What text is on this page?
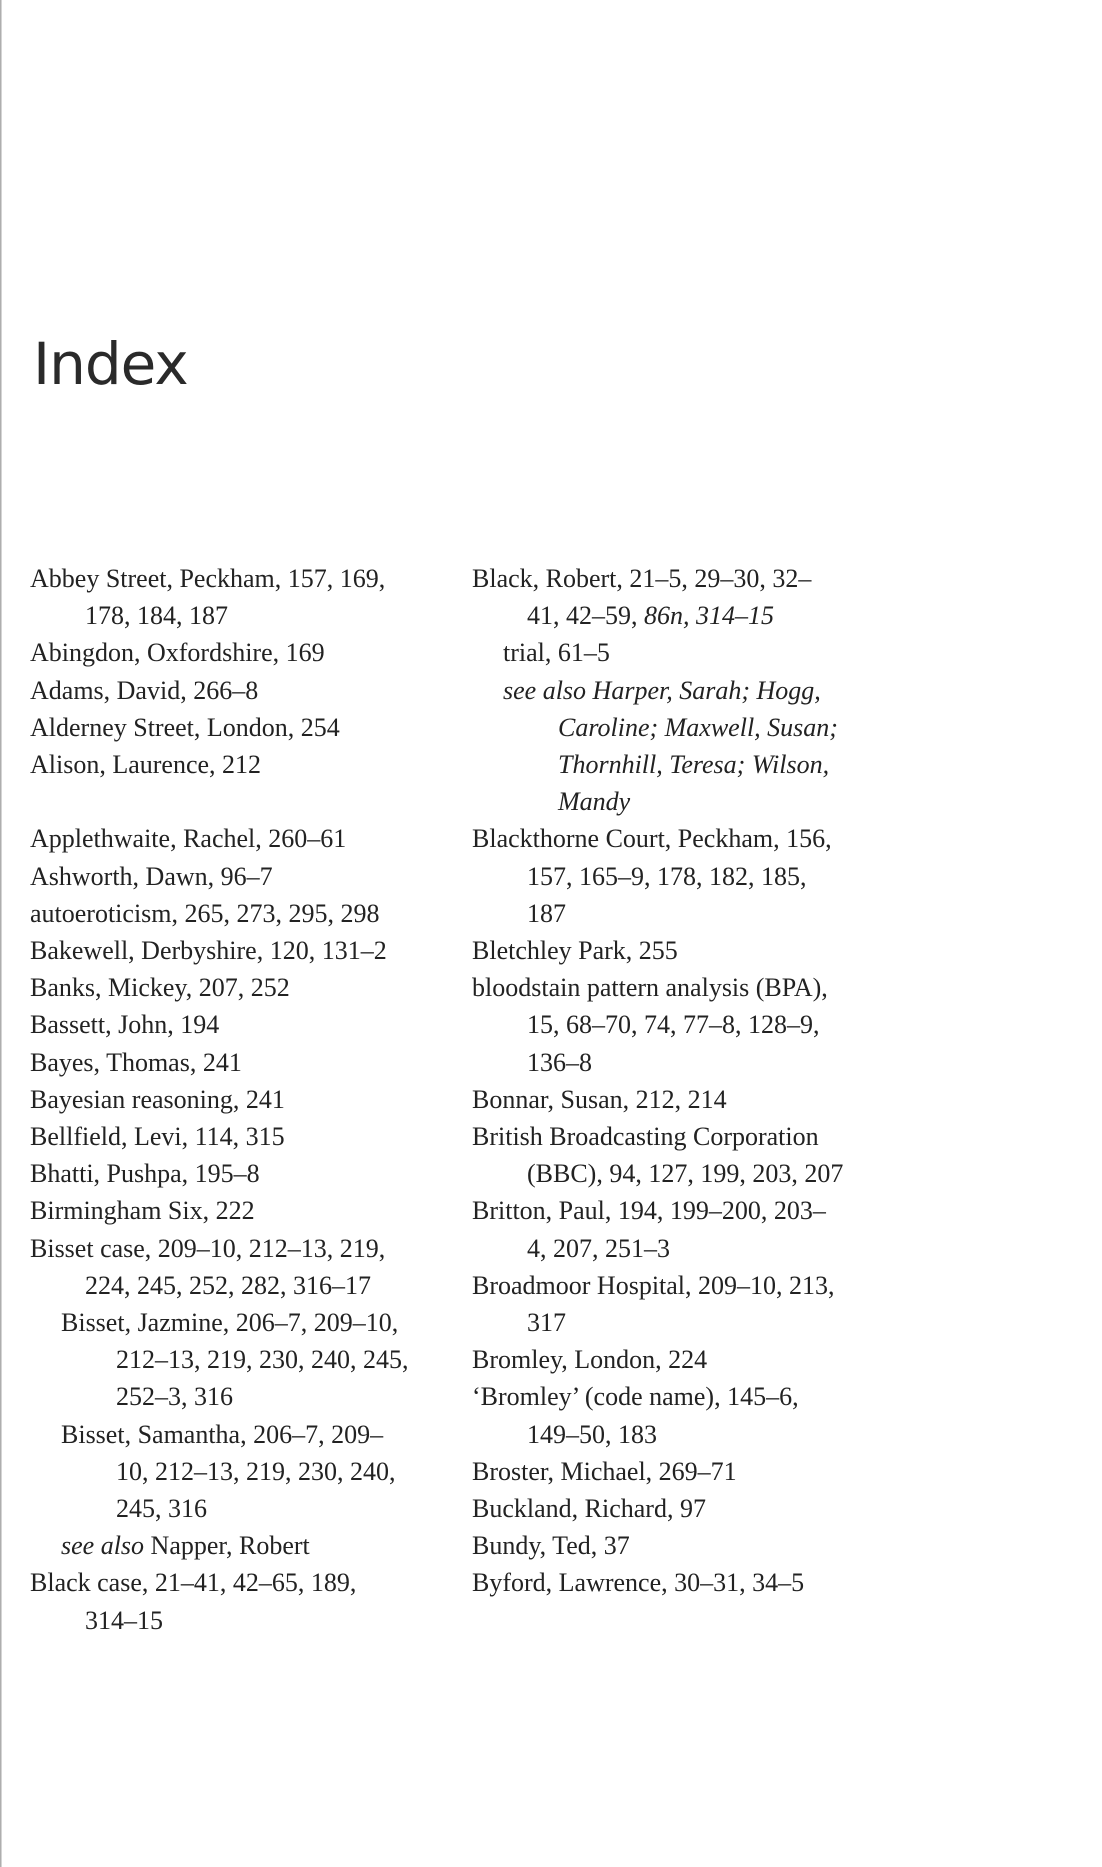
Index
Abbey Street, Peckham, 157, 169,
178, 184, 187
Abingdon, Oxfordshire, 169
Adams, David, 266–8
Alderney Street, London, 254
Alison, Laurence, 212
Applethwaite, Rachel, 260–61
Ashworth, Dawn, 96–7
autoeroticism, 265, 273, 295, 298
Bakewell, Derbyshire, 120, 131–2
Banks, Mickey, 207, 252
Bassett, John, 194
Bayes, Thomas, 241
Bayesian reasoning, 241
Bellfield, Levi, 114, 315
Bhatti, Pushpa, 195–8
Birmingham Six, 222
Bisset case, 209–10, 212–13, 219,
224, 245, 252, 282, 316–17
Bisset, Jazmine, 206–7, 209–10,
212–13, 219, 230, 240, 245,
252–3, 316
Bisset, Samantha, 206–7, 209–
10, 212–13, 219, 230, 240,
245, 316
see also Napper, Robert
Black case, 21–41, 42–65, 189,
314–15
Black, Robert, 21–5, 29–30, 32–
41, 42–59, 86n, 314–15
trial, 61–5
see also Harper, Sarah; Hogg,
Caroline; Maxwell, Susan;
Thornhill, Teresa; Wilson,
Mandy
Blackthorne Court, Peckham, 156,
157, 165–9, 178, 182, 185,
187
Bletchley Park, 255
bloodstain pattern analysis (BPA),
15, 68–70, 74, 77–8, 128–9,
136–8
Bonnar, Susan, 212, 214
British Broadcasting Corporation
(BBC), 94, 127, 199, 203, 207
Britton, Paul, 194, 199–200, 203–
4, 207, 251–3
Broadmoor Hospital, 209–10, 213,
317
Bromley, London, 224
‘Bromley’ (code name), 145–6,
149–50, 183
Broster, Michael, 269–71
Buckland, Richard, 97
Bundy, Ted, 37
Byford, Lawrence, 30–31, 34–5
